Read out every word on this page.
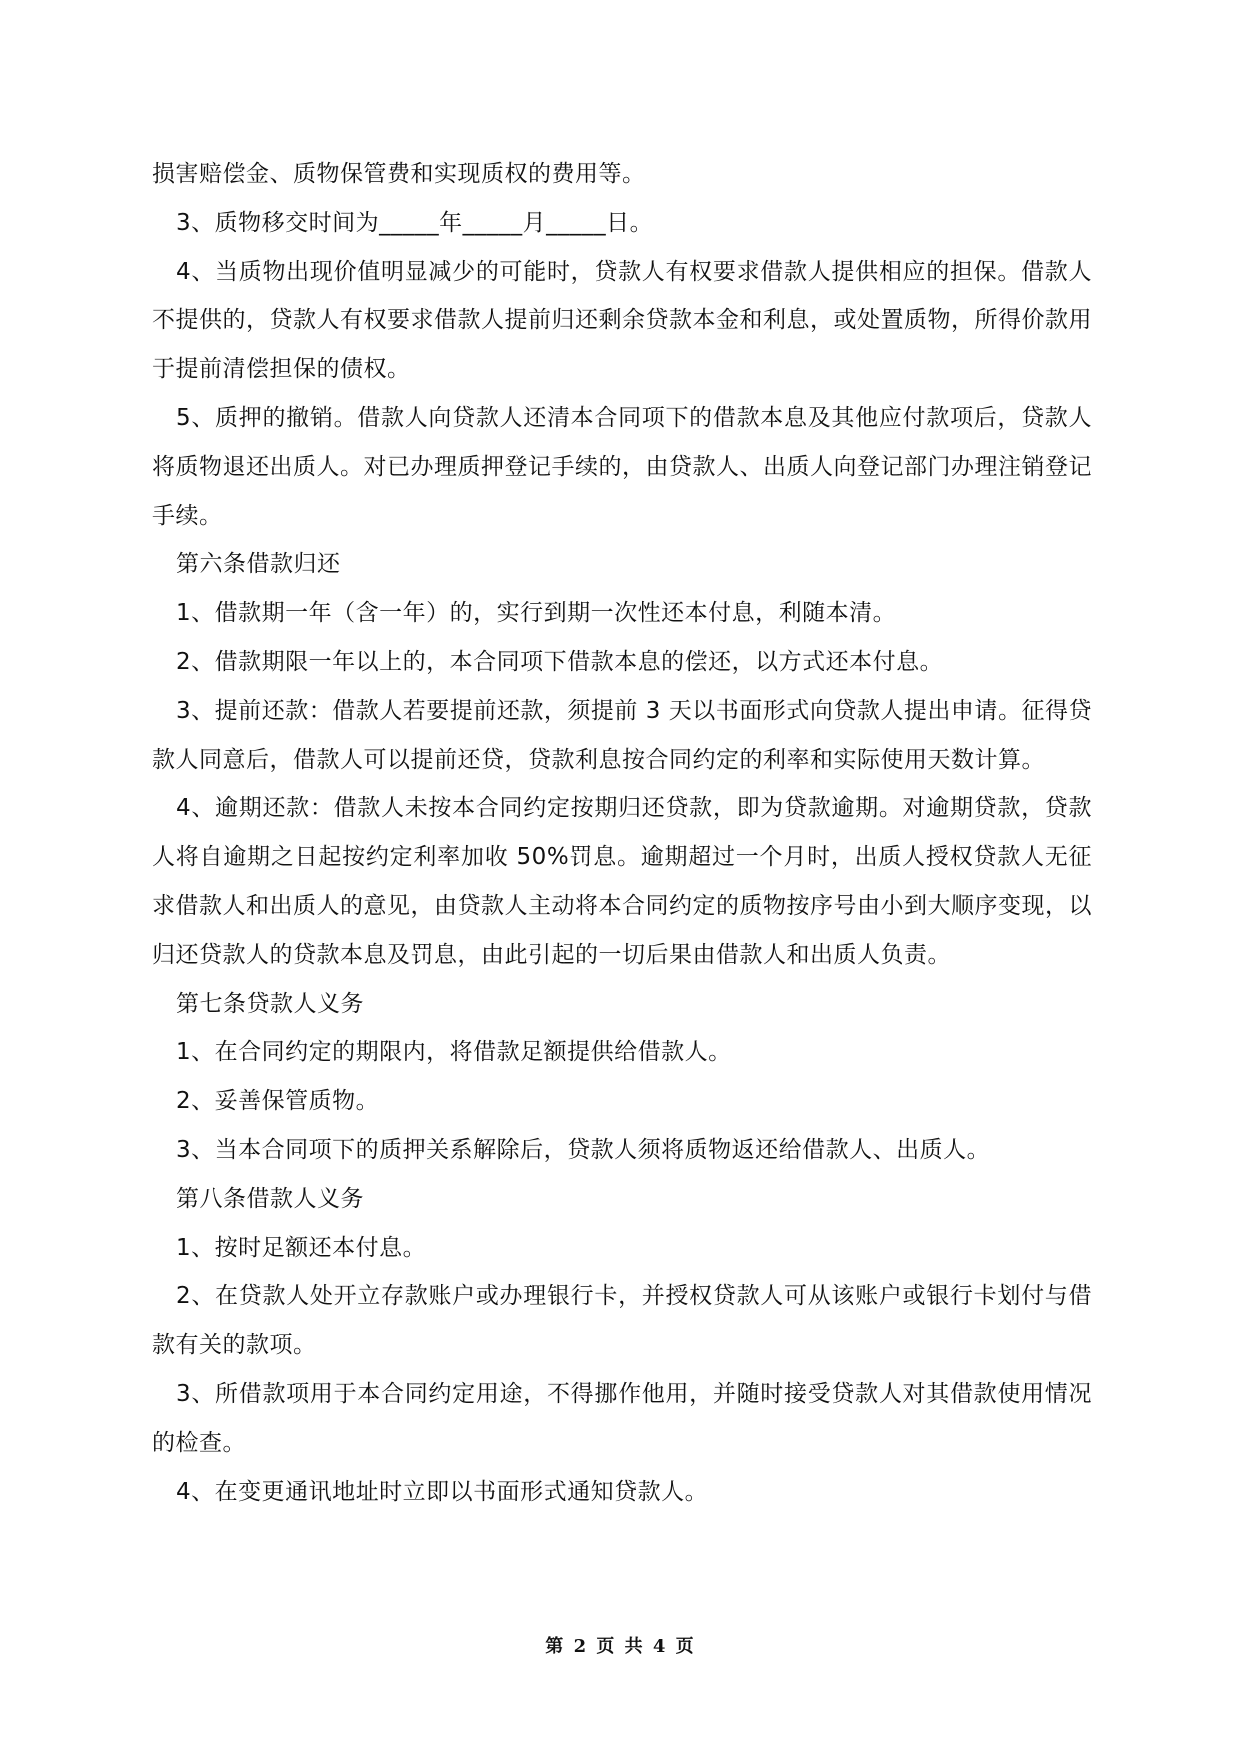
损害赔偿金、质物保管费和实现质权的费用等。

3、质物移交时间为_____年_____月_____日。

4、当质物出现价值明显减少的可能时，贷款人有权要求借款人提供相应的担保。借款人不提供的，贷款人有权要求借款人提前归还剩余贷款本金和利息，或处置质物，所得价款用于提前清偿担保的债权。

5、质押的撤销。借款人向贷款人还清本合同项下的借款本息及其他应付款项后，贷款人将质物退还出质人。对已办理质押登记手续的，由贷款人、出质人向登记部门办理注销登记手续。

第六条借款归还

1、借款期一年（含一年）的，实行到期一次性还本付息，利随本清。

2、借款期限一年以上的，本合同项下借款本息的偿还，以方式还本付息。

3、提前还款：借款人若要提前还款，须提前 3 天以书面形式向贷款人提出申请。征得贷款人同意后，借款人可以提前还贷，贷款利息按合同约定的利率和实际使用天数计算。

4、逾期还款：借款人未按本合同约定按期归还贷款，即为贷款逾期。对逾期贷款，贷款人将自逾期之日起按约定利率加收 50%罚息。逾期超过一个月时，出质人授权贷款人无征求借款人和出质人的意见，由贷款人主动将本合同约定的质物按序号由小到大顺序变现，以归还贷款人的贷款本息及罚息，由此引起的一切后果由借款人和出质人负责。

第七条贷款人义务

1、在合同约定的期限内，将借款足额提供给借款人。

2、妥善保管质物。

3、当本合同项下的质押关系解除后，贷款人须将质物返还给借款人、出质人。

第八条借款人义务

1、按时足额还本付息。

2、在贷款人处开立存款账户或办理银行卡，并授权贷款人可从该账户或银行卡划付与借款有关的款项。

3、所借款项用于本合同约定用途，不得挪作他用，并随时接受贷款人对其借款使用情况的检查。

4、在变更通讯地址时立即以书面形式通知贷款人。

第 2 页 共 4 页
